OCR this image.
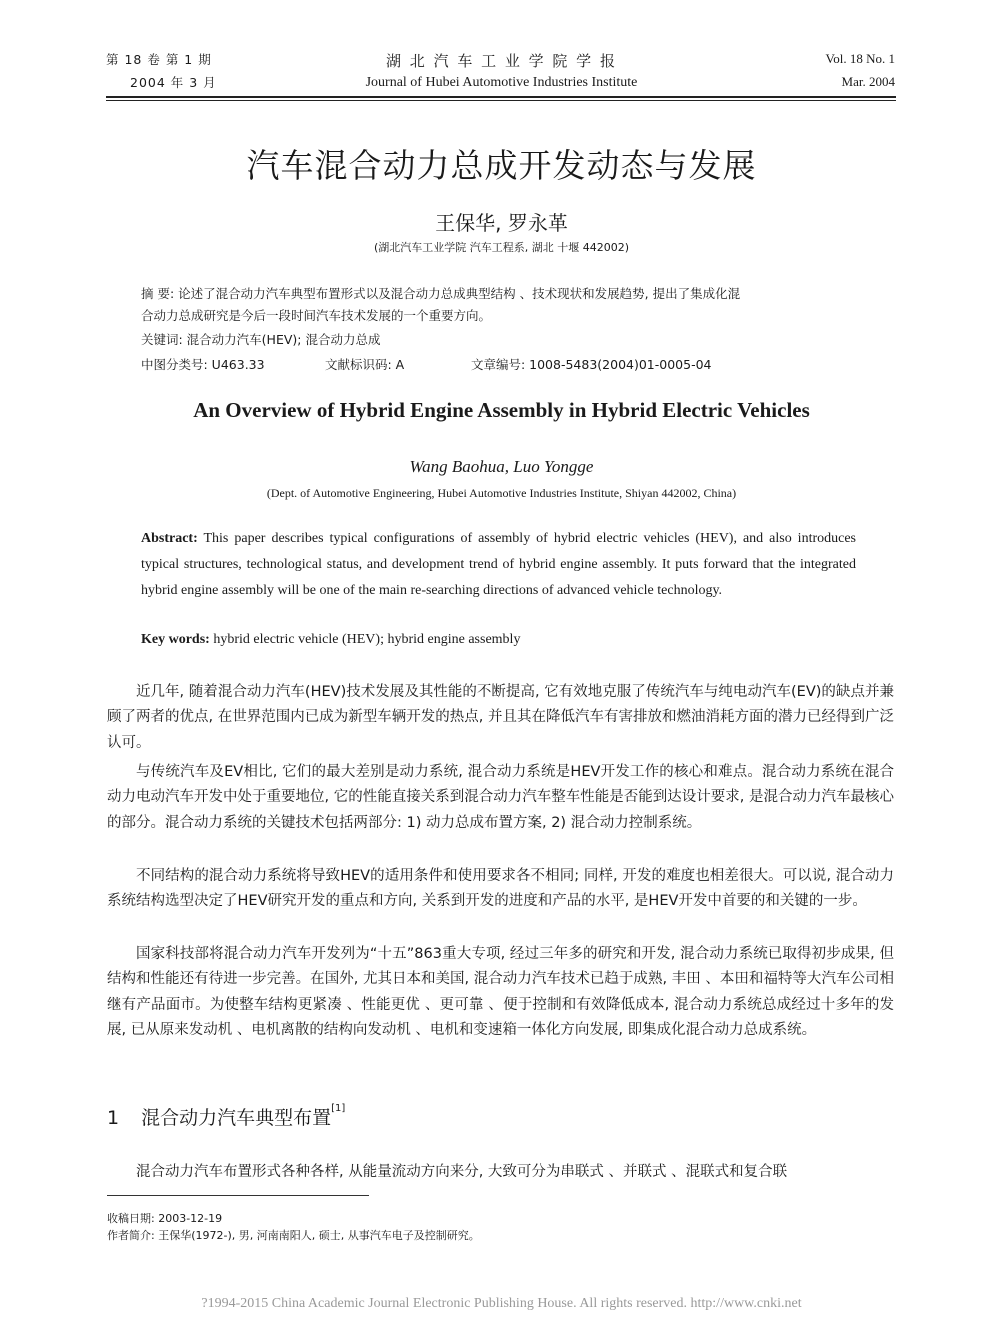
第 18 卷 第 1 期
2004 年 3 月
湖 北 汽 车 工 业 学 院 学 报
Journal of Hubei Automotive Industries Institute
Vol. 18 No. 1
Mar. 2004
汽车混合动力总成开发动态与发展
王保华, 罗永革
(湖北汽车工业学院 汽车工程系, 湖北 十堰 442002)
摘 要: 论述了混合动力汽车典型布置形式以及混合动力总成典型结构 、技术现状和发展趋势, 提出了集成化混
合动力总成研究是今后一段时间汽车技术发展的一个重要方向。
关键词: 混合动力汽车(HEV); 混合动力总成
中图分类号: U463.33	文献标识码: A	文章编号: 1008-5483(2004)01-0005-04
An Overview of Hybrid Engine Assembly in Hybrid Electric Vehicles
Wang Baohua, Luo Yongge
(Dept. of Automotive Engineering, Hubei Automotive Industries Institute, Shiyan 442002, China)
Abstract: This paper describes typical configurations of assembly of hybrid electric vehicles (HEV), and also introduces typical structures, technological status, and development trend of hybrid engine assembly. It puts forward that the integrated hybrid engine assembly will be one of the main re-searching directions of advanced vehicle technology.
Key words: hybrid electric vehicle (HEV); hybrid engine assembly
近几年, 随着混合动力汽车(HEV)技术发展及其性能的不断提高, 它有效地克服了传统汽车与纯电动汽车(EV)的缺点并兼顾了两者的优点, 在世界范围内已成为新型车辆开发的热点, 并且其在降低汽车有害排放和燃油消耗方面的潜力已经得到广泛认可。
与传统汽车及EV相比, 它们的最大差别是动力系统, 混合动力系统是HEV开发工作的核心和难点。混合动力系统在混合动力电动汽车开发中处于重要地位, 它的性能直接关系到混合动力汽车整车性能是否能到达设计要求, 是混合动力汽车最核心的部分。混合动力系统的关键技术包括两部分: 1) 动力总成布置方案, 2) 混合动力控制系统。
不同结构的混合动力系统将导致HEV的适用条件和使用要求各不相同; 同样, 开发的难度也相差很大。可以说, 混合动力系统结构选型决定了HEV研究开发的重点和方向, 关系到开发的进度和产品的水平, 是HEV开发中首要的和关键的一步。
国家科技部将混合动力汽车开发列为“十五”863重大专项, 经过三年多的研究和开发, 混合动力系统已取得初步成果, 但结构和性能还有待进一步完善。在国外, 尤其日本和美国, 混合动力汽车技术已趋于成熟, 丰田 、本田和福特等大汽车公司相继有产品面市。为使整车结构更紧凑 、性能更优 、更可靠 、便于控制和有效降低成本, 混合动力系统总成经过十多年的发展, 已从原来发动机 、电机离散的结构向发动机 、电机和变速箱一体化方向发展, 即集成化混合动力总成系统。
1 混合动力汽车典型布置[1]
混合动力汽车布置形式各种各样, 从能量流动方向来分, 大致可分为串联式 、并联式 、混联式和复合联
收稿日期: 2003-12-19
作者简介: 王保华(1972-), 男, 河南南阳人, 硕士, 从事汽车电子及控制研究。
?1994-2015 China Academic Journal Electronic Publishing House. All rights reserved. http://www.cnki.net
